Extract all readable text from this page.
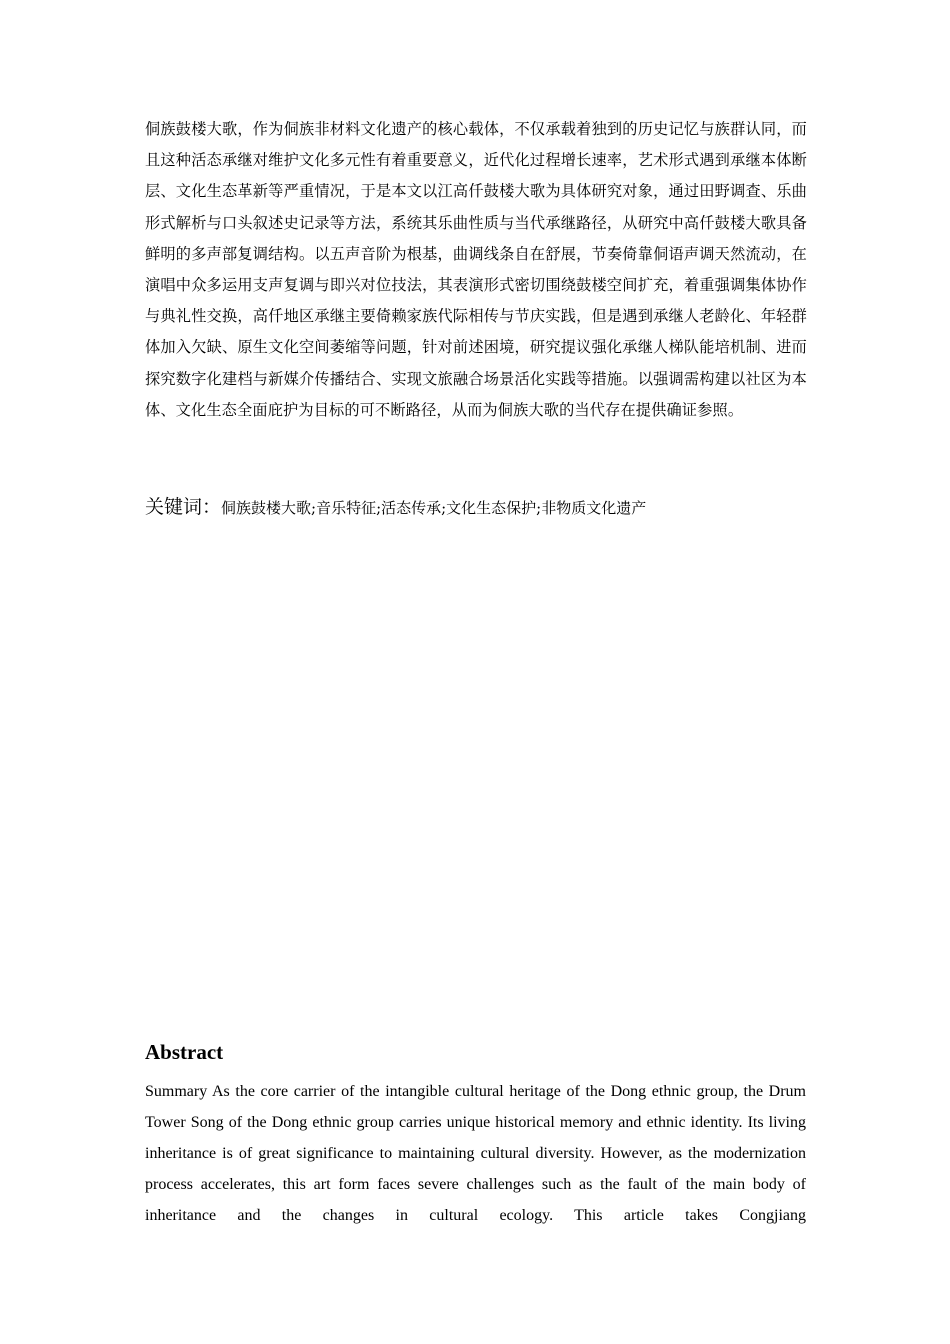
侗族鼓楼大歌，作为侗族非材料文化遗产的核心载体，不仅承载着独到的历史记忆与族群认同，而且这种活态承继对维护文化多元性有着重要意义，近代化过程增长速率，艺术形式遇到承继本体断层、文化生态革新等严重情况，于是本文以江高仟鼓楼大歌为具体研究对象，通过田野调查、乐曲形式解析与口头叙述史记录等方法，系统其乐曲性质与当代承继路径，从研究中高仟鼓楼大歌具备鲜明的多声部复调结构。以五声音阶为根基，曲调线条自在舒展，节奏倚靠侗语声调天然流动，在演唱中众多运用支声复调与即兴对位技法，其表演形式密切围绕鼓楼空间扩充，着重强调集体协作与典礼性交换，高仟地区承继主要倚赖家族代际相传与节庆实践，但是遇到承继人老龄化、年轻群体加入欠缺、原生文化空间萎缩等问题，针对前述困境，研究提议强化承继人梯队能培机制、进而探究数字化建档与新媒介传播结合、实现文旅融合场景活化实践等措施。以强调需构建以社区为本体、文化生态全面庇护为目标的可不断路径，从而为侗族大歌的当代存在提供确证参照。

关键词：侗族鼓楼大歌;音乐特征;活态传承;文化生态保护;非物质文化遗产
Abstract

Summary As the core carrier of the intangible cultural heritage of the Dong ethnic group, the Drum Tower Song of the Dong ethnic group carries unique historical memory and ethnic identity. Its living inheritance is of great significance to maintaining cultural diversity. However, as the modernization process accelerates, this art form faces severe challenges such as the fault of the main body of inheritance and the changes in cultural ecology. This article takes Congjiang
